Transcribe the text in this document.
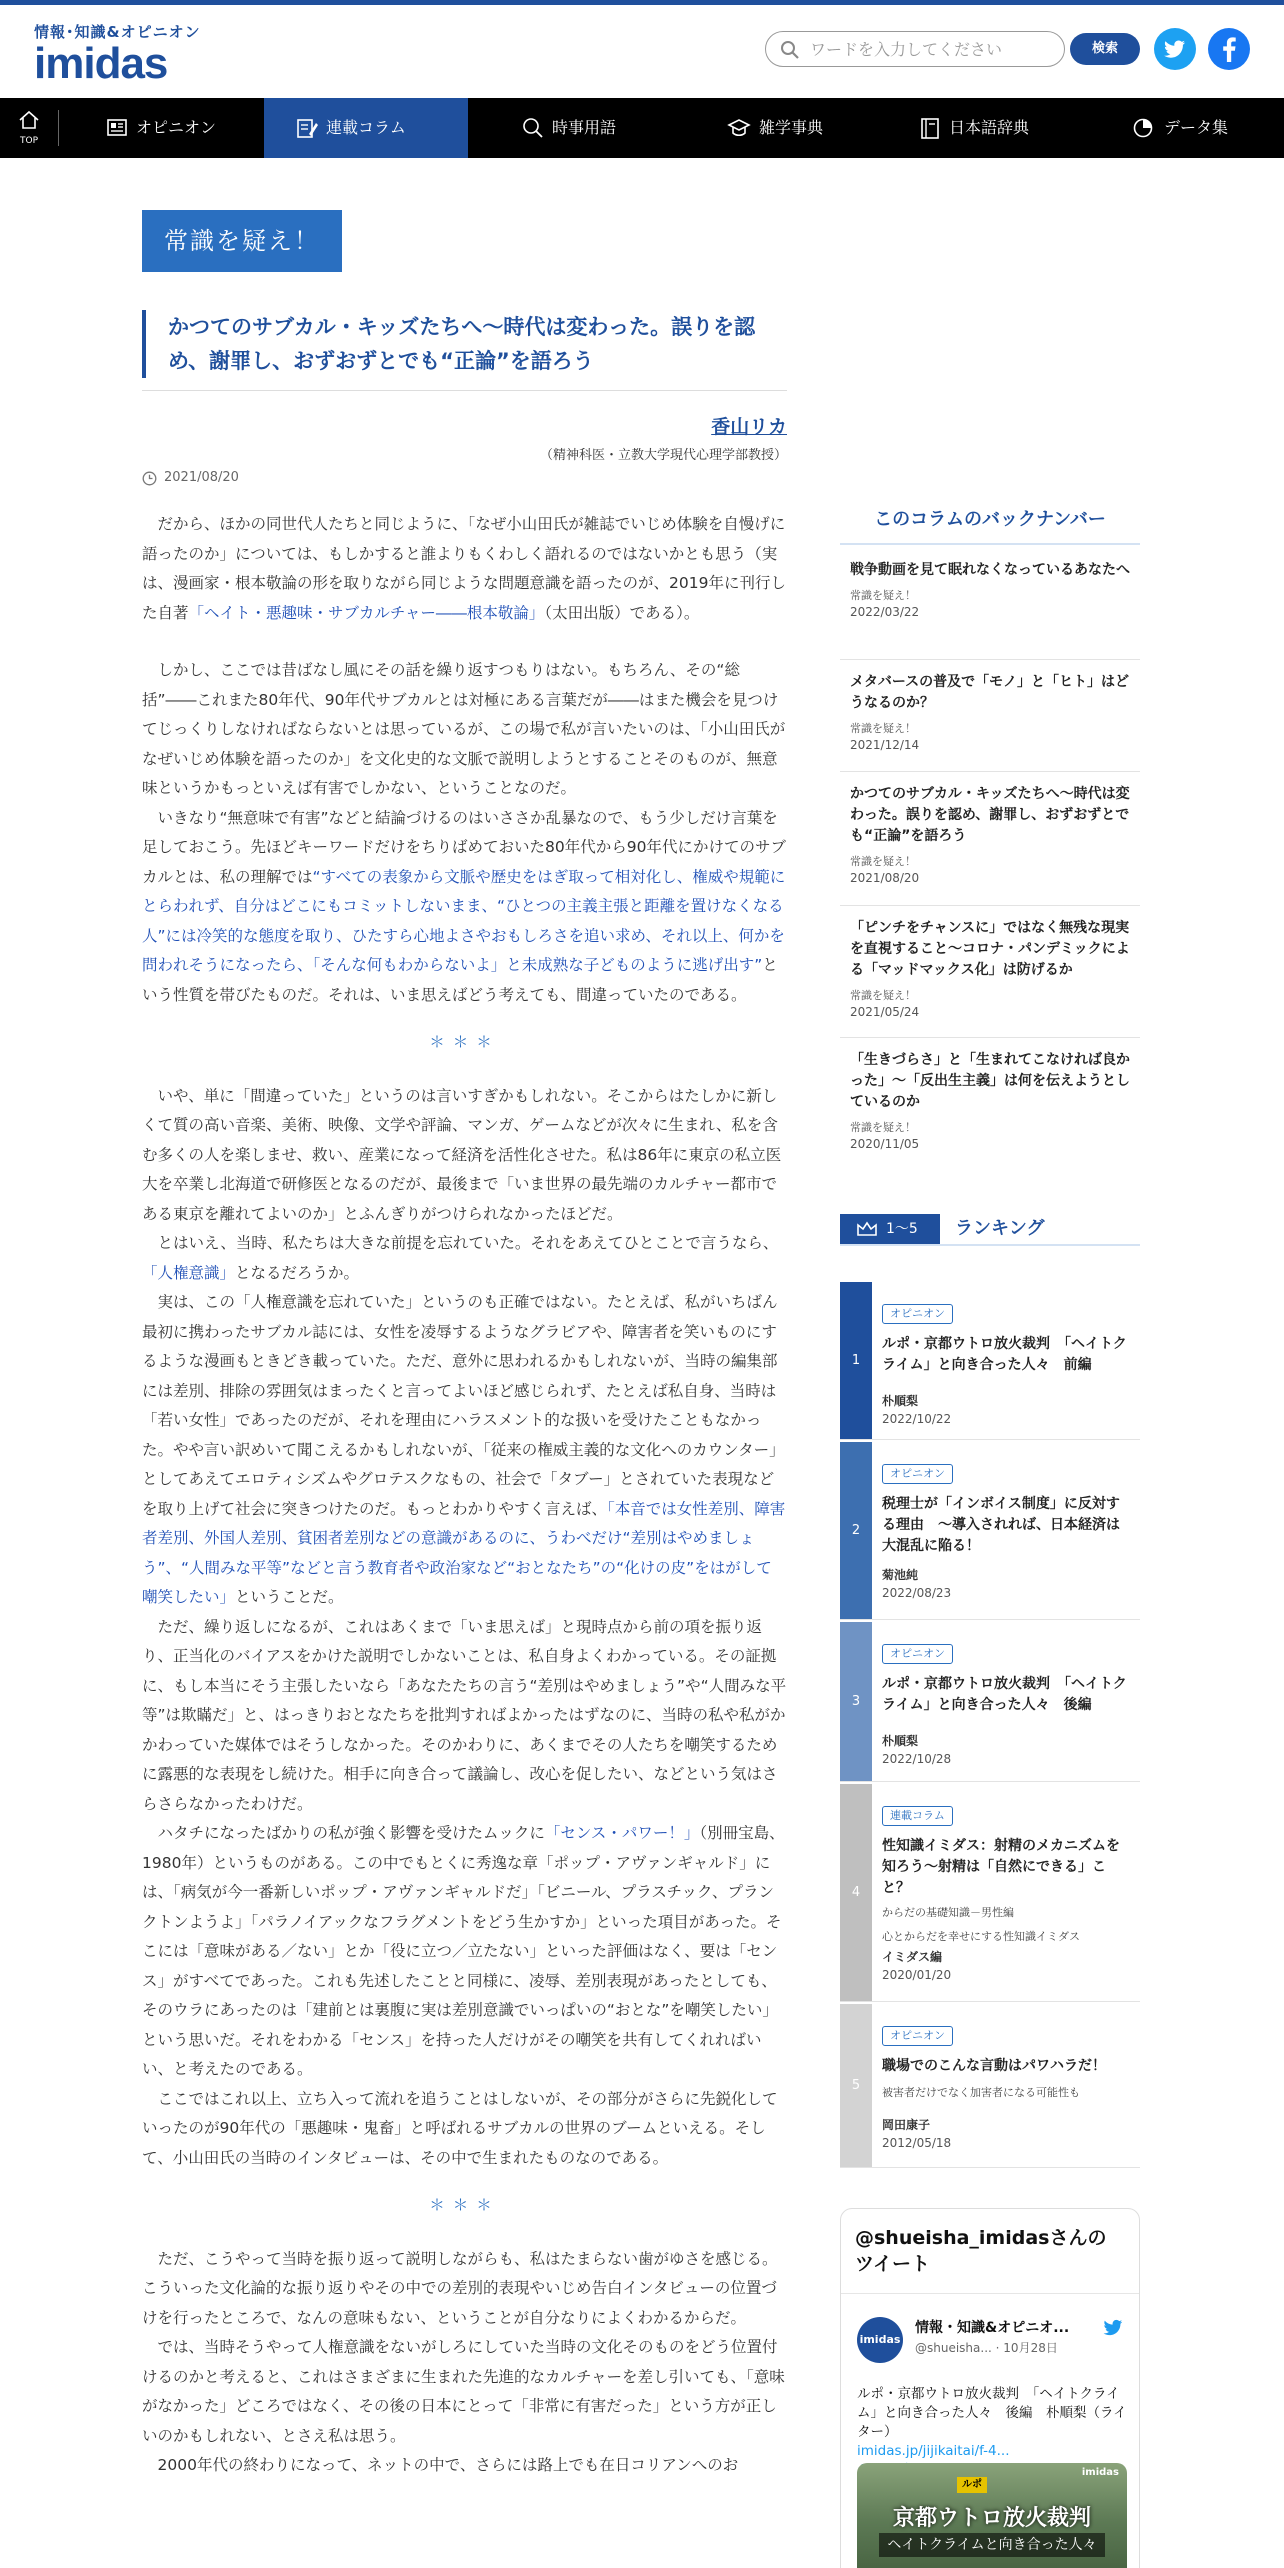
情報･知識&オピニオン
imidas
ワードを入力してください	検索
TOP
オピニオン	連載コラム	時事用語	雑学事典	日本語辞典	データ集
常識を疑え！
かつてのサブカル・キッズたちへ～時代は変わった。誤りを認め、謝罪し、おずおずとでも“正論”を語ろう
香山リカ
（精神科医・立教大学現代心理学部教授）
2021/08/20

だから、ほかの同世代人たちと同じように、「なぜ小山田氏が雑誌でいじめ体験を自慢げに語ったのか」については、もしかすると誰よりもくわしく語れるのではないかとも思う（実は、漫画家・根本敬論の形を取りながら同じような問題意識を語ったのが、2019年に刊行した自著「ヘイト・悪趣味・サブカルチャー――根本敬論」（太田出版）である）。

しかし、ここでは昔ばなし風にその話を繰り返すつもりはない。もちろん、その“総括”――これまた80年代、90年代サブカルとは対極にある言葉だが――はまた機会を見つけてじっくりしなければならないとは思っているが、この場で私が言いたいのは、「小山田氏がなぜいじめ体験を語ったのか」を文化史的な文脈で説明しようとすることそのものが、無意味というかもっといえば有害でしかない、ということなのだ。

いきなり“無意味で有害”などと結論づけるのはいささか乱暴なので、もう少しだけ言葉を足しておこう。先ほどキーワードだけをちりばめておいた80年代から90年代にかけてのサブカルとは、私の理解では“すべての表象から文脈や歴史をはぎ取って相対化し、権威や規範にとらわれず、自分はどこにもコミットしないまま、“ひとつの主義主張と距離を置けなくなる人”には冷笑的な態度を取り、ひたすら心地よさやおもしろさを追い求め、それ以上、何かを問われそうになったら、「そんな何もわからないよ」と未成熟な子どものように逃げ出す”という性質を帯びたものだ。それは、いま思えばどう考えても、間違っていたのである。

＊＊＊

いや、単に「間違っていた」というのは言いすぎかもしれない。そこからはたしかに新しくて質の高い音楽、美術、映像、文学や評論、マンガ、ゲームなどが次々に生まれ、私を含む多くの人を楽しませ、救い、産業になって経済を活性化させた。私は86年に東京の私立医大を卒業し北海道で研修医となるのだが、最後まで「いま世界の最先端のカルチャー都市である東京を離れてよいのか」とふんぎりがつけられなかったほどだ。

とはいえ、当時、私たちは大きな前提を忘れていた。それをあえてひとことで言うなら、「人権意識」となるだろうか。

実は、この「人権意識を忘れていた」というのも正確ではない。たとえば、私がいちばん最初に携わったサブカル誌には、女性を凌辱するようなグラビアや、障害者を笑いものにするような漫画もときどき載っていた。ただ、意外に思われるかもしれないが、当時の編集部には差別、排除の雰囲気はまったくと言ってよいほど感じられず、たとえば私自身、当時は「若い女性」であったのだが、それを理由にハラスメント的な扱いを受けたこともなかった。やや言い訳めいて聞こえるかもしれないが、「従来の権威主義的な文化へのカウンター」としてあえてエロティシズムやグロテスクなもの、社会で「タブー」とされていた表現などを取り上げて社会に突きつけたのだ。もっとわかりやすく言えば、「本音では女性差別、障害者差別、外国人差別、貧困者差別などの意識があるのに、うわべだけ“差別はやめましょう”、“人間みな平等”などと言う教育者や政治家など“おとなたち”の“化けの皮”をはがして嘲笑したい」ということだ。

ただ、繰り返しになるが、これはあくまで「いま思えば」と現時点から前の項を振り返り、正当化のバイアスをかけた説明でしかないことは、私自身よくわかっている。その証拠に、もし本当にそう主張したいなら「あなたたちの言う“差別はやめましょう”や“人間みな平等”は欺瞞だ」と、はっきりおとなたちを批判すればよかったはずなのに、当時の私や私がかかわっていた媒体ではそうしなかった。そのかわりに、あくまでその人たちを嘲笑するために露悪的な表現をし続けた。相手に向き合って議論し、改心を促したい、などという気はさらさらなかったわけだ。

ハタチになったばかりの私が強く影響を受けたムックに「センス・パワー！」（別冊宝島、1980年）というものがある。この中でもとくに秀逸な章「ポップ・アヴァンギャルド」には、「病気が今一番新しいポップ・アヴァンギャルドだ」「ビニール、プラスチック、プランクトンようよ」「パラノイアックなフラグメントをどう生かすか」といった項目があった。そこには「意味がある／ない」とか「役に立つ／立たない」といった評価はなく、要は「センス」がすべてであった。これも先述したことと同様に、凌辱、差別表現があったとしても、そのウラにあったのは「建前とは裏腹に実は差別意識でいっぱいの“おとな”を嘲笑したい」という思いだ。それをわかる「センス」を持った人だけがその嘲笑を共有してくれればいい、と考えたのである。

ここではこれ以上、立ち入って流れを追うことはしないが、その部分がさらに先鋭化していったのが90年代の「悪趣味・鬼畜」と呼ばれるサブカルの世界のブームといえる。そして、小山田氏の当時のインタビューは、その中で生まれたものなのである。

＊＊＊

ただ、こうやって当時を振り返って説明しながらも、私はたまらない歯がゆさを感じる。こういった文化論的な振り返りやその中での差別的表現やいじめ告白インタビューの位置づけを行ったところで、なんの意味もない、ということが自分なりによくわかるからだ。

では、当時そうやって人権意識をないがしろにしていた当時の文化そのものをどう位置付けるのかと考えると、これはさまざまに生まれた先進的なカルチャーを差し引いても、「意味がなかった」どころではなく、その後の日本にとって「非常に有害だった」という方が正しいのかもしれない、とさえ私は思う。

2000年代の終わりになって、ネットの中で、さらには路上でも在日コリアンへのお

このコラムのバックナンバー
戦争動画を見て眠れなくなっているあなたへ
常識を疑え！
2022/03/22
メタバースの普及で「モノ」と「ヒト」はどうなるのか？
常識を疑え！
2021/12/14
かつてのサブカル・キッズたちへ～時代は変わった。誤りを認め、謝罪し、おずおずとでも“正論”を語ろう
常識を疑え！
2021/08/20
「ピンチをチャンスに」ではなく無残な現実を直視すること～コロナ・パンデミックによる「マッドマックス化」は防げるか
常識を疑え！
2021/05/24
「生きづらさ」と「生まれてこなければ良かった」～「反出生主義」は何を伝えようとしているのか
常識を疑え！
2020/11/05
1～5 ランキング
1
オピニオン
ルポ・京都ウトロ放火裁判　「ヘイトクライム」と向き合った人々　前編
朴順梨
2022/10/22
2
オピニオン
税理士が「インボイス制度」に反対する理由　～導入されれば、日本経済は大混乱に陥る！
菊池純
2022/08/23
3
オピニオン
ルポ・京都ウトロ放火裁判　「ヘイトクライム」と向き合った人々　後編
朴順梨
2022/10/28
4
連載コラム
性知識イミダス：射精のメカニズムを知ろう～射精は「自然にできる」こと？
からだの基礎知識－男性編
心とからだを幸せにする性知識イミダス
イミダス編
2020/01/20
5
オピニオン
職場でのこんな言動はパワハラだ！
被害者だけでなく加害者になる可能性も
岡田康子
2012/05/18
@shueisha_imidasさんのツイート
imidas
情報・知識&オピニオ...
@shueisha... · 10月28日
ルポ・京都ウトロ放火裁判　「ヘイトクライム」と向き合った人々　後編　朴順梨（ライター）
imidas.jp/jijikaitai/f-4...
imidas
ルポ
京都ウトロ放火裁判
ヘイトクライムと向き合った人々
